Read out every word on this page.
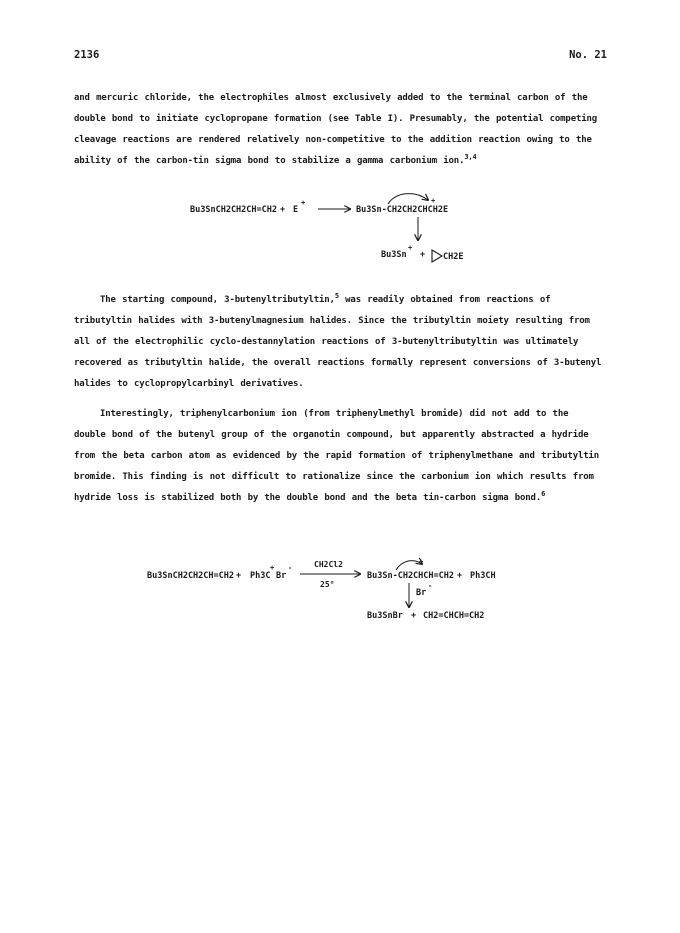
2136	No. 21
and mercuric chloride, the electrophiles almost exclusively added to the terminal carbon of the double bond to initiate cyclopropane formation (see Table I). Presumably, the potential competing cleavage reactions are rendered relatively non-competitive to the addition reaction owing to the ability of the carbon-tin sigma bond to stabilize a gamma carbonium ion.$^{3,4}$
The starting compound, 3-butenyltributyltin,$^5$ was readily obtained from reactions of tributyltin halides with 3-butenylmagnesium halides. Since the tributyltin moiety resulting from all of the electrophilic cyclo-destannylation reactions of 3-butenyltributyltin was ultimately recovered as tributyltin halide, the overall reactions formally represent conversions of 3-butenyl halides to cyclopropylcarbinyl derivatives.
Interestingly, triphenylcarbonium ion (from triphenylmethyl bromide) did not add to the double bond of the butenyl group of the organotin compound, but apparently abstracted a hydride from the beta carbon atom as evidenced by the rapid formation of triphenylmethane and tributyltin bromide. This finding is not difficult to rationalize since the carbonium ion which results from hydride loss is stabilized both by the double bond and the beta tin-carbon sigma bond.$^6$
Bu3SnCH2CH2CH=CH2 + E
+
Bu3Sn-CH2CH2CHCH2E
+
Bu3Sn
+
+ CH2E
Bu3SnCH2CH2CH=CH2 + Ph3C
+
Br
-	CH2Cl2
25°
Bu3Sn-CH2CHCH=CH2
+
+ Ph3CH
Br
-
Bu3SnBr + CH2=CHCH=CH2
